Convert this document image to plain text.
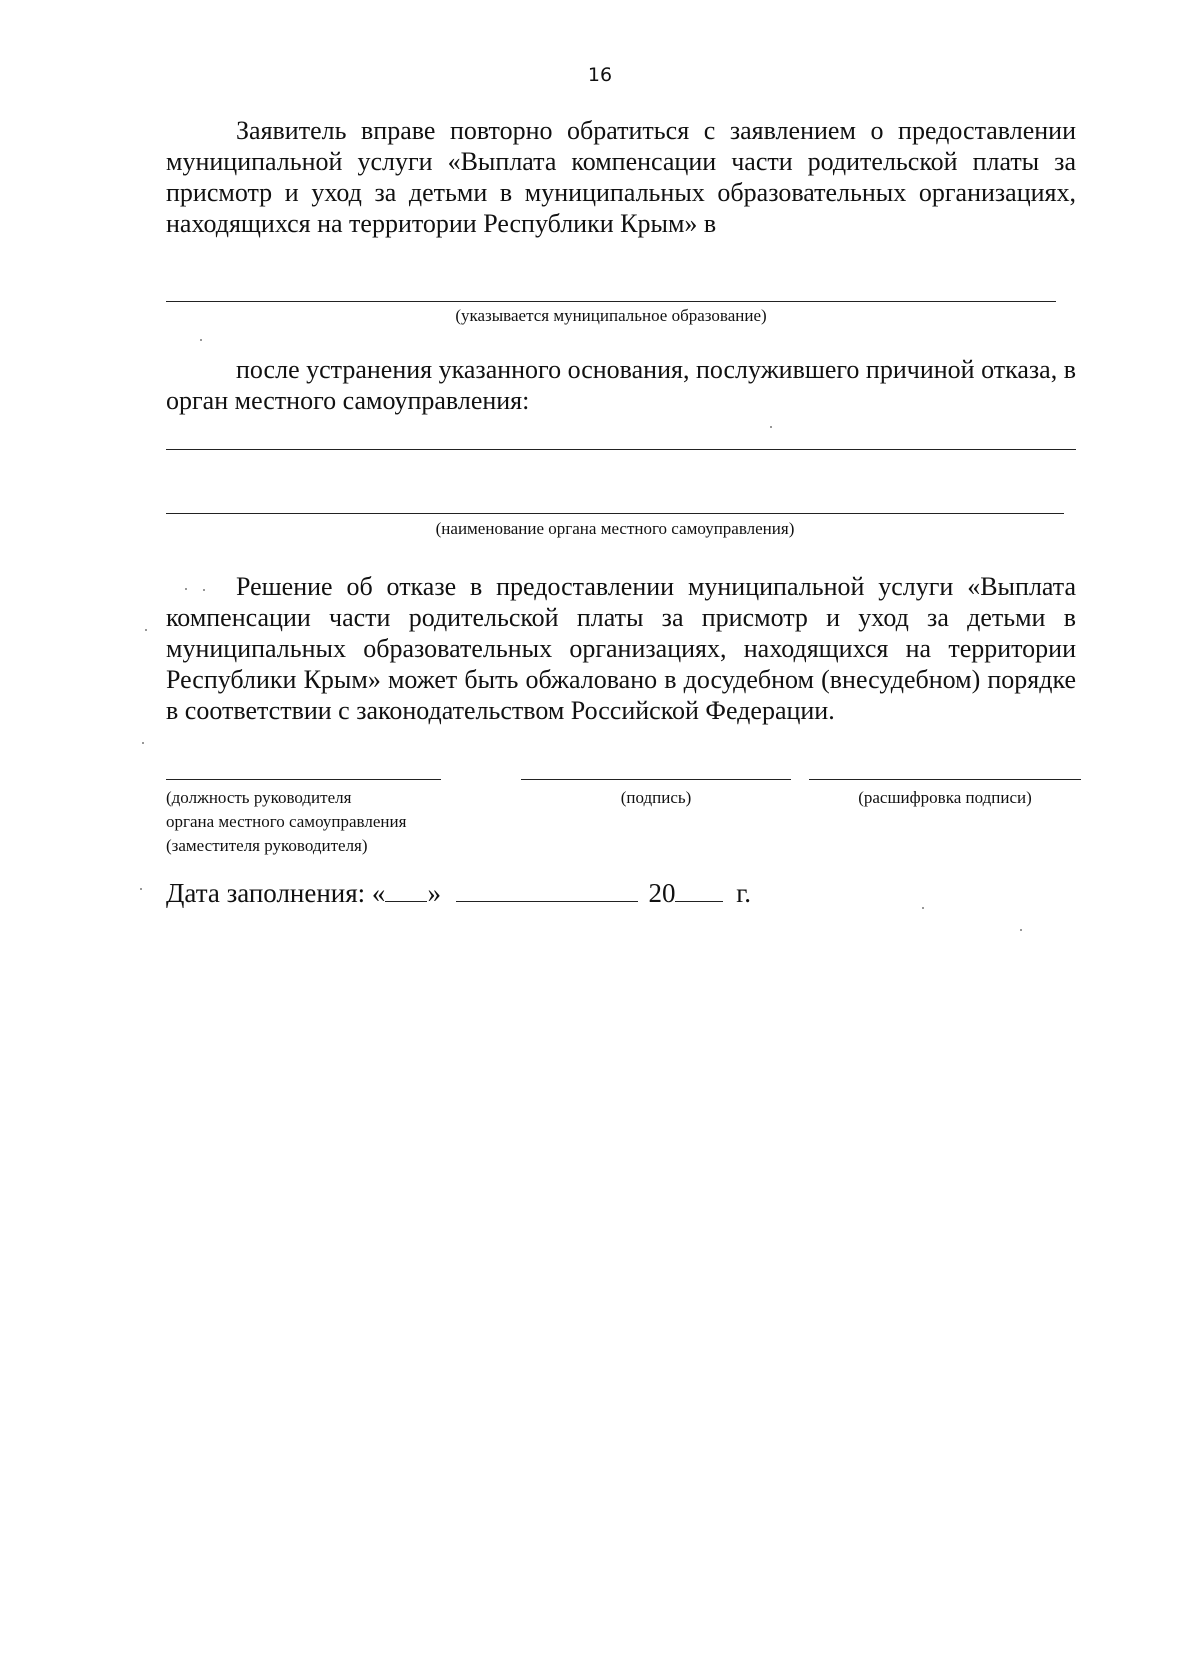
16

Заявитель вправе повторно обратиться с заявлением о предоставлении муниципальной услуги «Выплата компенсации части родительской платы за присмотр и уход за детьми в муниципальных образовательных организациях, находящихся на территории Республики Крым» в

(указывается муниципальное образование)

после устранения указанного основания, послужившего причиной отказа, в орган местного самоуправления:

(наименование органа местного самоуправления)

Решение об отказе в предоставлении муниципальной услуги «Выплата компенсации части родительской платы за присмотр и уход за детьми в муниципальных образовательных организациях, находящихся на территории Республики Крым» может быть обжаловано в досудебном (внесудебном) порядке в соответствии с законодательством Российской Федерации.

(должность руководителя
органа местного самоуправления
(заместителя руководителя)
(подпись)	(расшифровка подписи)
Дата заполнения: « »	20 г.
